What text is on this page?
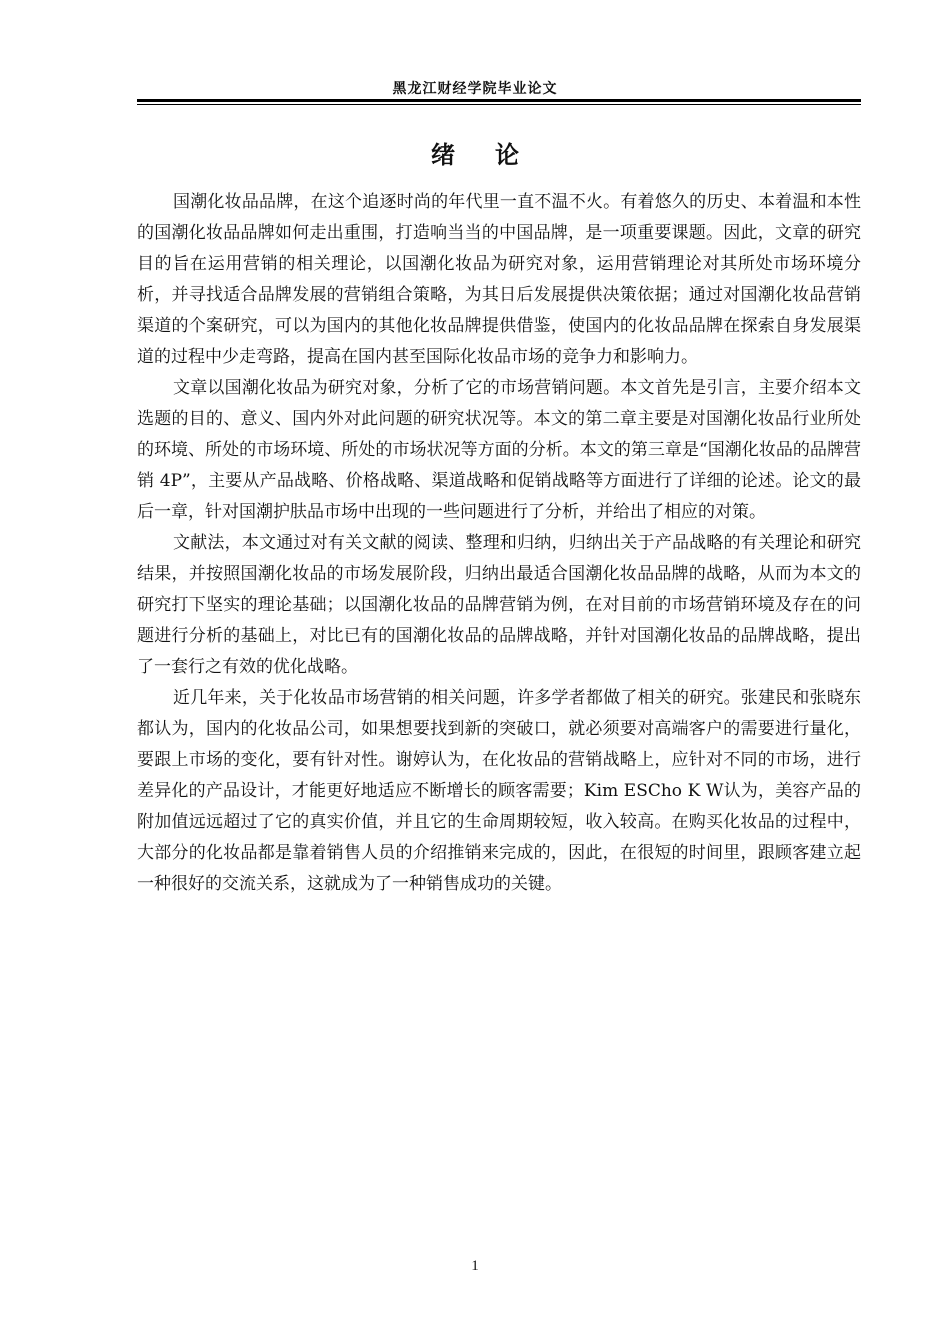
黑龙江财经学院毕业论文
绪论

国潮化妆品品牌，在这个追逐时尚的年代里一直不温不火。有着悠久的历史、本着温和本性的国潮化妆品品牌如何走出重围，打造响当当的中国品牌，是一项重要课题。因此，文章的研究目的旨在运用营销的相关理论，以国潮化妆品为研究对象，运用营销理论对其所处市场环境分析，并寻找适合品牌发展的营销组合策略，为其日后发展提供决策依据；通过对国潮化妆品营销渠道的个案研究，可以为国内的其他化妆品牌提供借鉴，使国内的化妆品品牌在探索自身发展渠道的过程中少走弯路，提高在国内甚至国际化妆品市场的竞争力和影响力。

文章以国潮化妆品为研究对象，分析了它的市场营销问题。本文首先是引言，主要介绍本文选题的目的、意义、国内外对此问题的研究状况等。本文的第二章主要是对国潮化妆品行业所处的环境、所处的市场环境、所处的市场状况等方面的分析。本文的第三章是“国潮化妆品的品牌营销 4P”，主要从产品战略、价格战略、渠道战略和促销战略等方面进行了详细的论述。论文的最后一章，针对国潮护肤品市场中出现的一些问题进行了分析，并给出了相应的对策。

文献法，本文通过对有关文献的阅读、整理和归纳，归纳出关于产品战略的有关理论和研究结果，并按照国潮化妆品的市场发展阶段，归纳出最适合国潮化妆品品牌的战略，从而为本文的研究打下坚实的理论基础；以国潮化妆品的品牌营销为例，在对目前的市场营销环境及存在的问题进行分析的基础上，对比已有的国潮化妆品的品牌战略，并针对国潮化妆品的品牌战略，提出了一套行之有效的优化战略。

近几年来，关于化妆品市场营销的相关问题，许多学者都做了相关的研究。张建民和张晓东都认为，国内的化妆品公司，如果想要找到新的突破口，就必须要对高端客户的需要进行量化，要跟上市场的变化，要有针对性。谢婷认为，在化妆品的营销战略上，应针对不同的市场，进行差异化的产品设计，才能更好地适应不断增长的顾客需要；Kim ESCho K W认为，美容产品的附加值远远超过了它的真实价值，并且它的生命周期较短，收入较高。在购买化妆品的过程中，大部分的化妆品都是靠着销售人员的介绍推销来完成的，因此，在很短的时间里，跟顾客建立起一种很好的交流关系，这就成为了一种销售成功的关键。

1
